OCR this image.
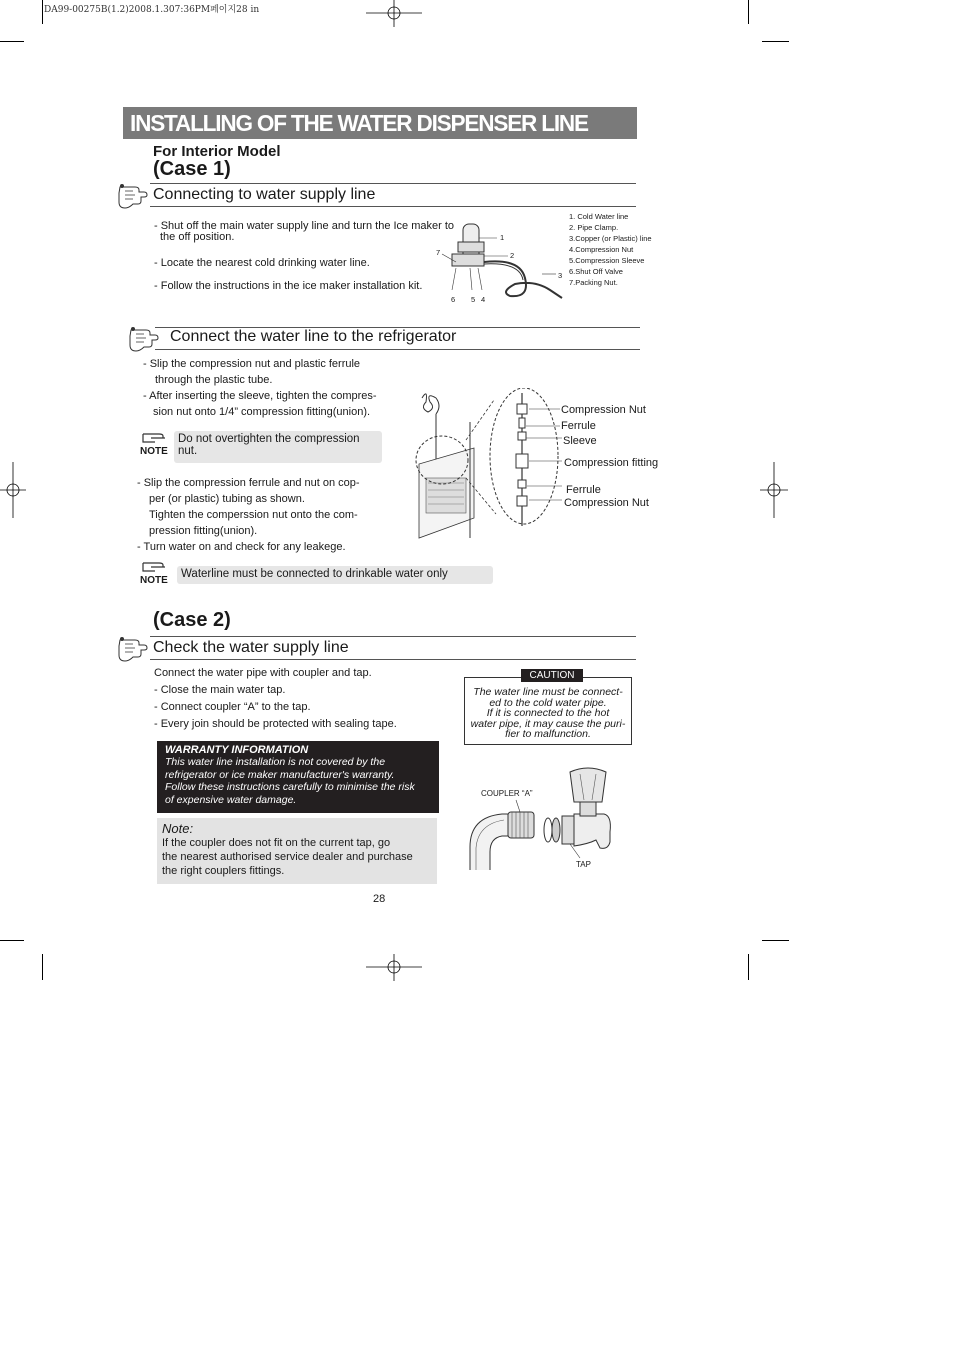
DA99-00275B(1.2)2008.1.307:36PM페이지28 in
INSTALLING OF THE WATER DISPENSER LINE
For Interior Model
(Case 1)
Connecting to water supply line
- Shut off the main water supply line and turn the Ice maker to
the off position.
- Locate the nearest cold drinking water line.
- Follow the instructions in the ice maker installation kit.
1
2
3
7
6 5 4
1. Cold Water line
2. Pipe Clamp.
3.Copper (or Plastic) line
4.Compression Nut
5.Compression Sleeve
6.Shut Off Valve
7.Packing Nut.
Connect the water line to the refrigerator
- Slip the compression nut and plastic ferrule
through the plastic tube.
- After inserting the sleeve, tighten the compres-
sion nut onto 1/4” compression fitting(union).
NOTE
Do not overtighten the compression
nut.
- Slip the compression ferrule and nut on cop-
per (or plastic) tubing as shown.
Tighten the comperssion nut onto the com-
pression fitting(union).
- Turn water on and check for any leakege.
NOTE
Waterline must be connected to drinkable water only
Compression Nut
Ferrule
Sleeve
Compression fitting
Ferrule
Compression Nut
(Case 2)
Check the water supply line
Connect the water pipe with coupler and tap.
- Close the main water tap.
- Connect coupler “A” to the tap.
- Every join should be protected with sealing tape.
The water line must be connect-
ed to the cold water pipe.
If it is connected to the hot
water pipe, it may cause the puri-
fier to malfunction.
CAUTION
WARRANTY INFORMATION
This water line installation is not covered by the
refrigerator or ice maker manufacturer's warranty.
Follow these instructions carefully to minimise the risk
of expensive water damage.
Note:
If the coupler does not fit on the current tap, go
the nearest authorised service dealer and purchase
the right couplers fittings.
COUPLER “A”
TAP
28
